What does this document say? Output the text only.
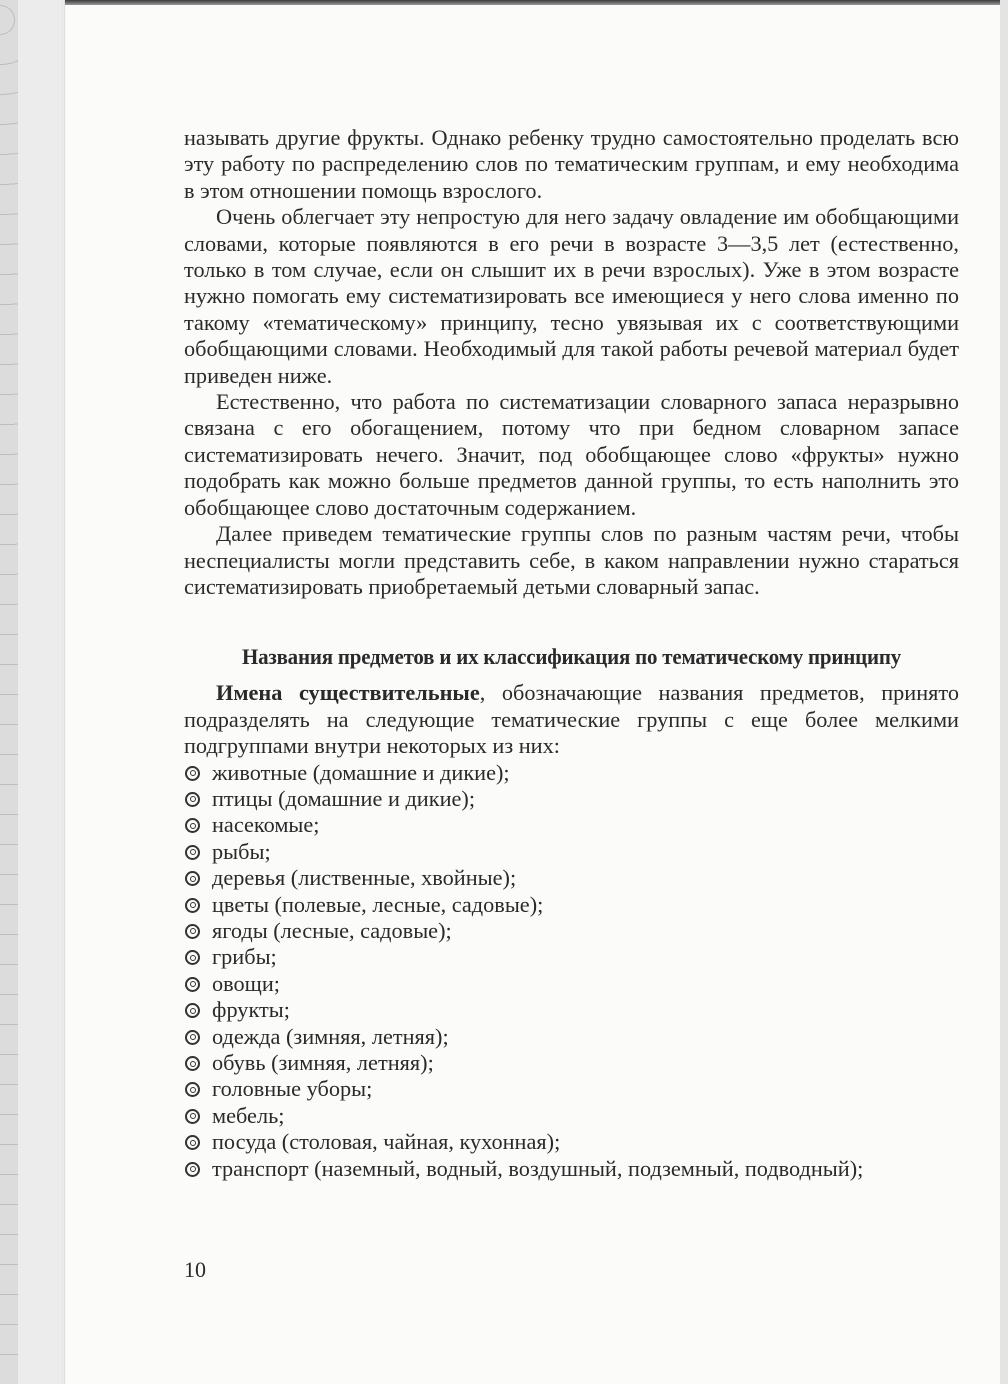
называть другие фрукты. Однако ребенку трудно самостоятельно проделать всю эту работу по распределению слов по тематическим группам, и ему необходима в этом отношении помощь взрослого.

Очень облегчает эту непростую для него задачу овладение им обобщающими словами, которые появляются в его речи в возрасте 3—3,5 лет (естественно, только в том случае, если он слышит их в речи взрослых). Уже в этом возрасте нужно помогать ему систематизировать все имеющиеся у него слова именно по такому «тематическому» принципу, тесно увязывая их с соответствующими обобщающими словами. Необходимый для такой работы речевой материал будет приведен ниже.

Естественно, что работа по систематизации словарного запаса неразрывно связана с его обогащением, потому что при бедном словарном запасе систематизировать нечего. Значит, под обобщающее слово «фрукты» нужно подобрать как можно больше предметов данной группы, то есть наполнить это обобщающее слово достаточным содержанием.

Далее приведем тематические группы слов по разным частям речи, чтобы неспециалисты могли представить себе, в каком направлении нужно стараться систематизировать приобретаемый детьми словарный запас.

Названия предметов и их классификация по тематическому принципу

Имена существительные, обозначающие названия предметов, принято подразделять на следующие тематические группы с еще более мелкими подгруппами внутри некоторых из них:

животные (домашние и дикие);
птицы (домашние и дикие);
насекомые;
рыбы;
деревья (лиственные, хвойные);
цветы (полевые, лесные, садовые);
ягоды (лесные, садовые);
грибы;
овощи;
фрукты;
одежда (зимняя, летняя);
обувь (зимняя, летняя);
головные уборы;
мебель;
посуда (столовая, чайная, кухонная);
транспорт (наземный, водный, воздушный, подземный, подводный);
10
